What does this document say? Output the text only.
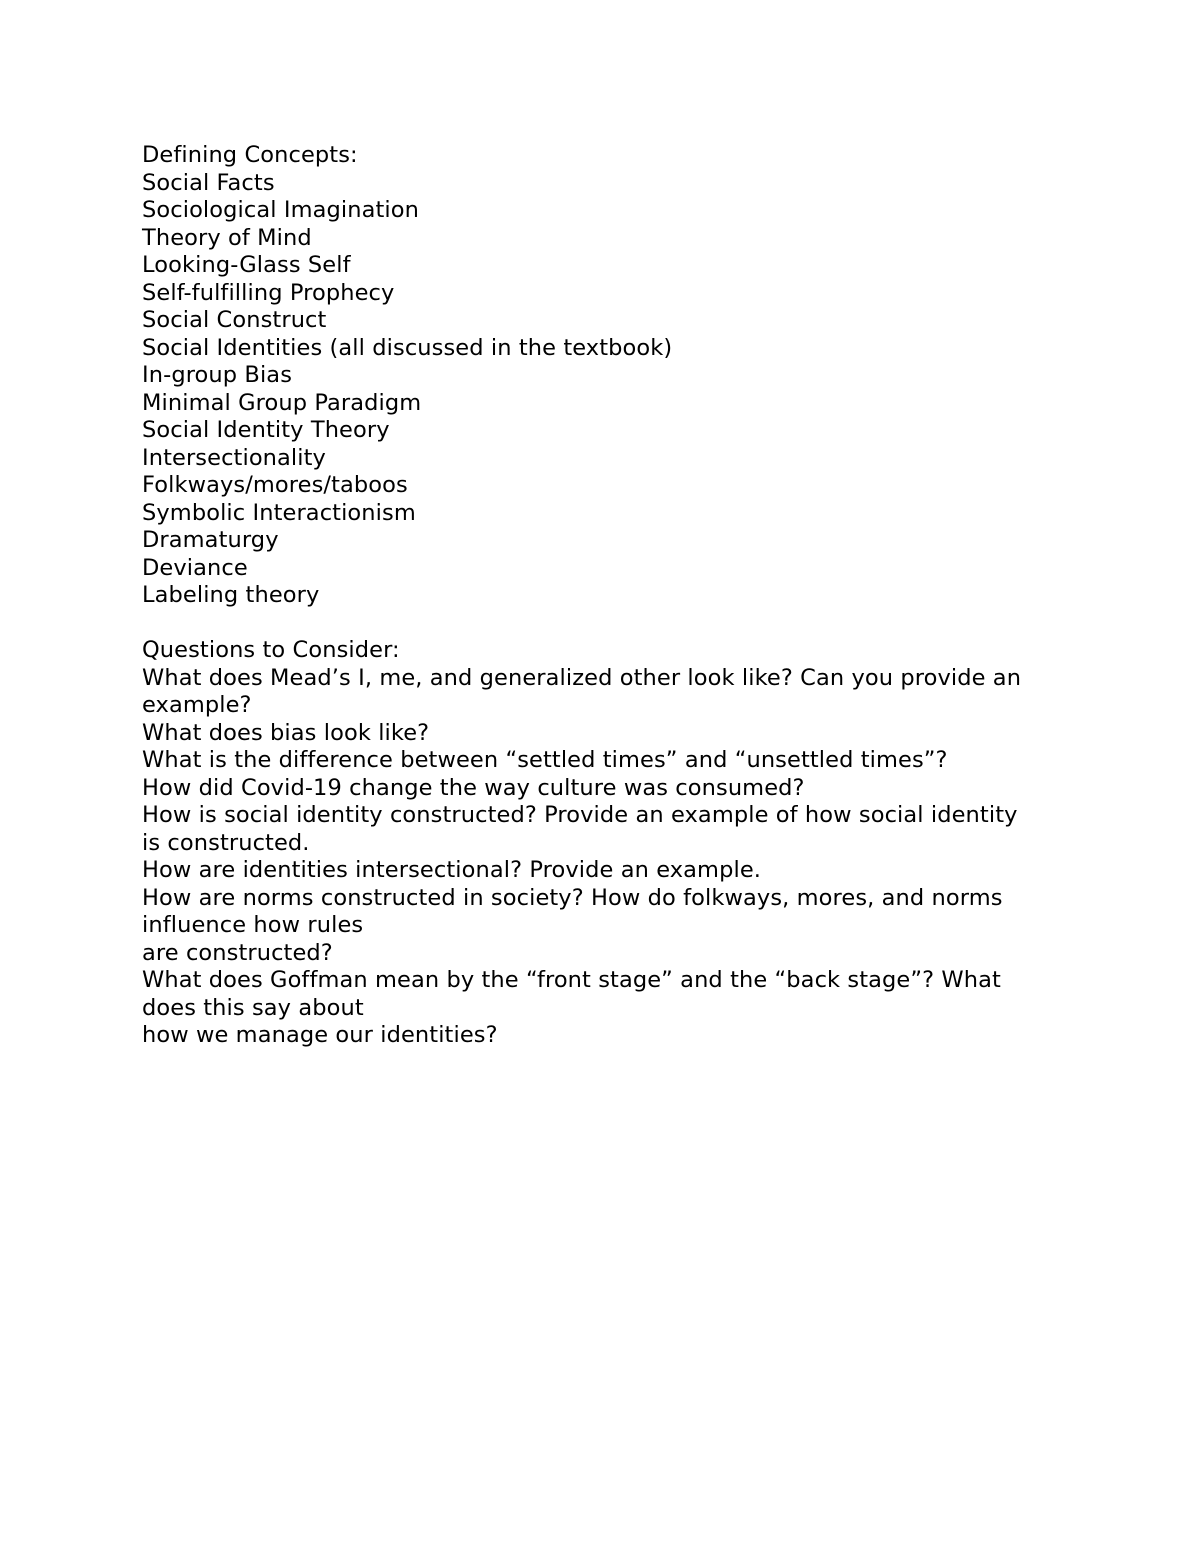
Defining Concepts:
Social Facts
Sociological Imagination
Theory of Mind
Looking-Glass Self
Self-fulfilling Prophecy
Social Construct
Social Identities (all discussed in the textbook)
In-group Bias
Minimal Group Paradigm
Social Identity Theory
Intersectionality
Folkways/mores/taboos
Symbolic Interactionism
Dramaturgy
Deviance
Labeling theory
Questions to Consider:
What does Mead’s I, me, and generalized other look like? Can you provide an
example?
What does bias look like?
What is the difference between “settled times” and “unsettled times”?
How did Covid-19 change the way culture was consumed?
How is social identity constructed? Provide an example of how social identity
is constructed.
How are identities intersectional? Provide an example.
How are norms constructed in society? How do folkways, mores, and norms
influence how rules
are constructed?
What does Goffman mean by the “front stage” and the “back stage”? What
does this say about
how we manage our identities?
